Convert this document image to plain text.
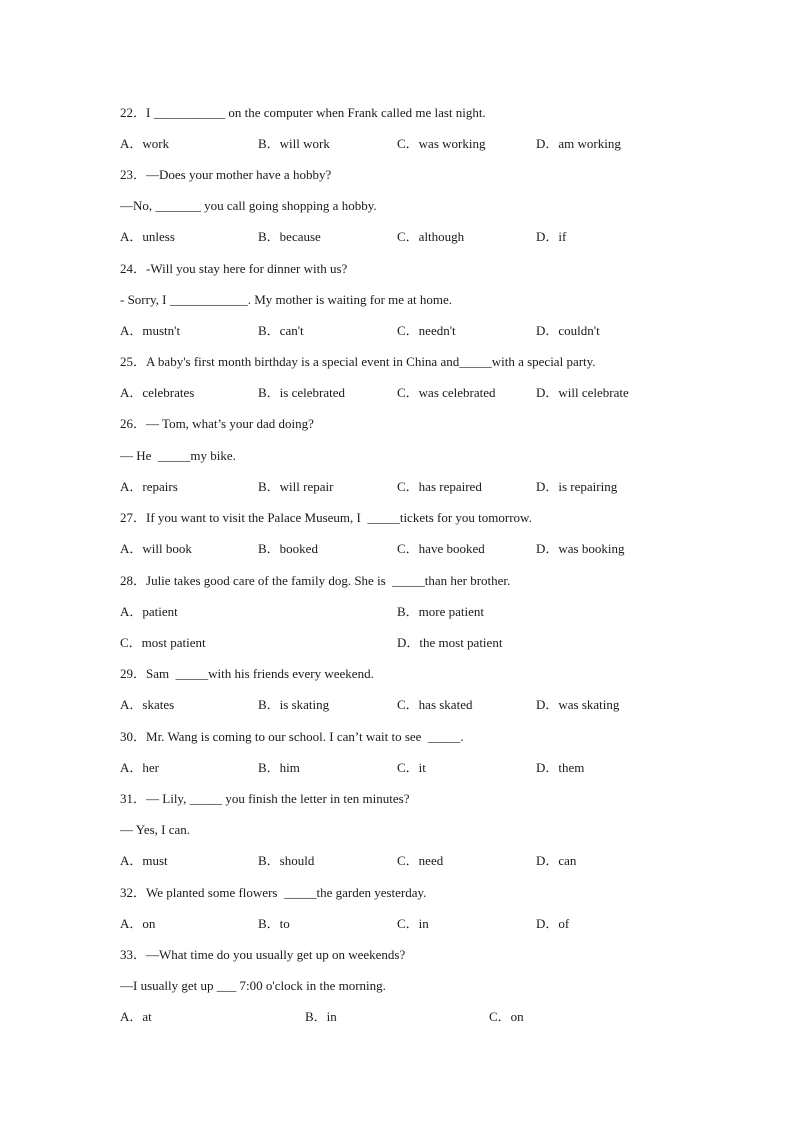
22．I ___________ on the computer when Frank called me last night.
A．work	B．will work	C．was working	D．am working
23．—Does your mother have a hobby?
—No, _______ you call going shopping a hobby.
A．unless	B．because	C．although	D．if
24．-Will you stay here for dinner with us?
- Sorry, I ____________. My mother is waiting for me at home.
A．mustn't	B．can't	C．needn't	D．couldn't
25．A baby's first month birthday is a special event in China and_____with a special party.
A．celebrates	B．is celebrated	C．was celebrated	D．will celebrate
26．— Tom, what’s your dad doing?
— He  _____my bike.
A．repairs	B．will repair	C．has repaired	D．is repairing
27．If you want to visit the Palace Museum, I  _____tickets for you tomorrow.
A．will book	B．booked	C．have booked	D．was booking
28．Julie takes good care of the family dog. She is  _____than her brother.
A．patient	B．more patient
C．most patient	D．the most patient
29．Sam  _____with his friends every weekend.
A．skates	B．is skating	C．has skated	D．was skating
30．Mr. Wang is coming to our school. I can’t wait to see  _____.
A．her	B．him	C．it	D．them
31．— Lily, _____ you finish the letter in ten minutes?
— Yes, I can.
A．must	B．should	C．need	D．can
32．We planted some flowers  _____the garden yesterday.
A．on	B．to	C．in	D．of
33．—What time do you usually get up on weekends?
—I usually get up ___ 7:00 o'clock in the morning.
A．at	B．in	C．on
